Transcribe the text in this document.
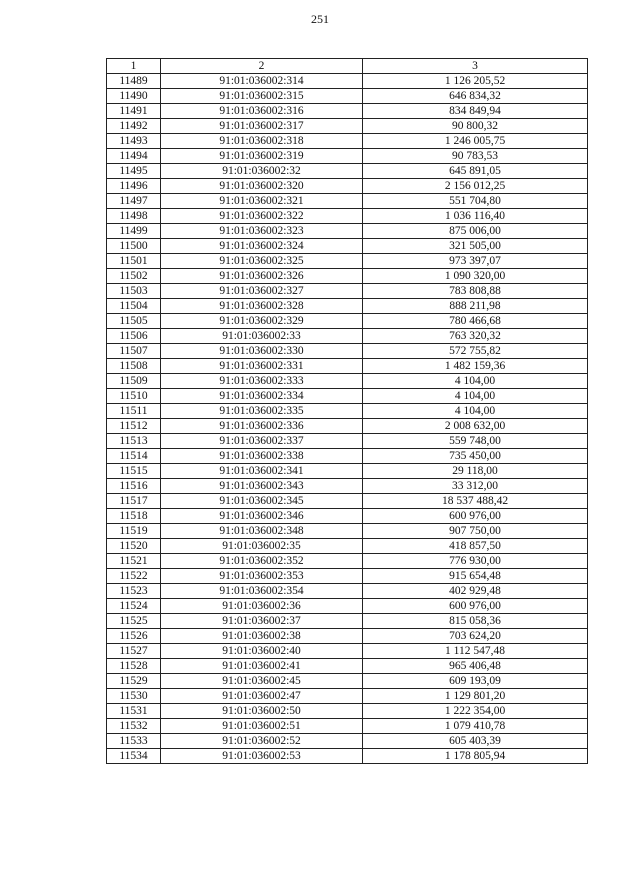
251
1	2	3
11489	91:01:036002:314	1 126 205,52
11490	91:01:036002:315	646 834,32
11491	91:01:036002:316	834 849,94
11492	91:01:036002:317	90 800,32
11493	91:01:036002:318	1 246 005,75
11494	91:01:036002:319	90 783,53
11495	91:01:036002:32	645 891,05
11496	91:01:036002:320	2 156 012,25
11497	91:01:036002:321	551 704,80
11498	91:01:036002:322	1 036 116,40
11499	91:01:036002:323	875 006,00
11500	91:01:036002:324	321 505,00
11501	91:01:036002:325	973 397,07
11502	91:01:036002:326	1 090 320,00
11503	91:01:036002:327	783 808,88
11504	91:01:036002:328	888 211,98
11505	91:01:036002:329	780 466,68
11506	91:01:036002:33	763 320,32
11507	91:01:036002:330	572 755,82
11508	91:01:036002:331	1 482 159,36
11509	91:01:036002:333	4 104,00
11510	91:01:036002:334	4 104,00
11511	91:01:036002:335	4 104,00
11512	91:01:036002:336	2 008 632,00
11513	91:01:036002:337	559 748,00
11514	91:01:036002:338	735 450,00
11515	91:01:036002:341	29 118,00
11516	91:01:036002:343	33 312,00
11517	91:01:036002:345	18 537 488,42
11518	91:01:036002:346	600 976,00
11519	91:01:036002:348	907 750,00
11520	91:01:036002:35	418 857,50
11521	91:01:036002:352	776 930,00
11522	91:01:036002:353	915 654,48
11523	91:01:036002:354	402 929,48
11524	91:01:036002:36	600 976,00
11525	91:01:036002:37	815 058,36
11526	91:01:036002:38	703 624,20
11527	91:01:036002:40	1 112 547,48
11528	91:01:036002:41	965 406,48
11529	91:01:036002:45	609 193,09
11530	91:01:036002:47	1 129 801,20
11531	91:01:036002:50	1 222 354,00
11532	91:01:036002:51	1 079 410,78
11533	91:01:036002:52	605 403,39
11534	91:01:036002:53	1 178 805,94
